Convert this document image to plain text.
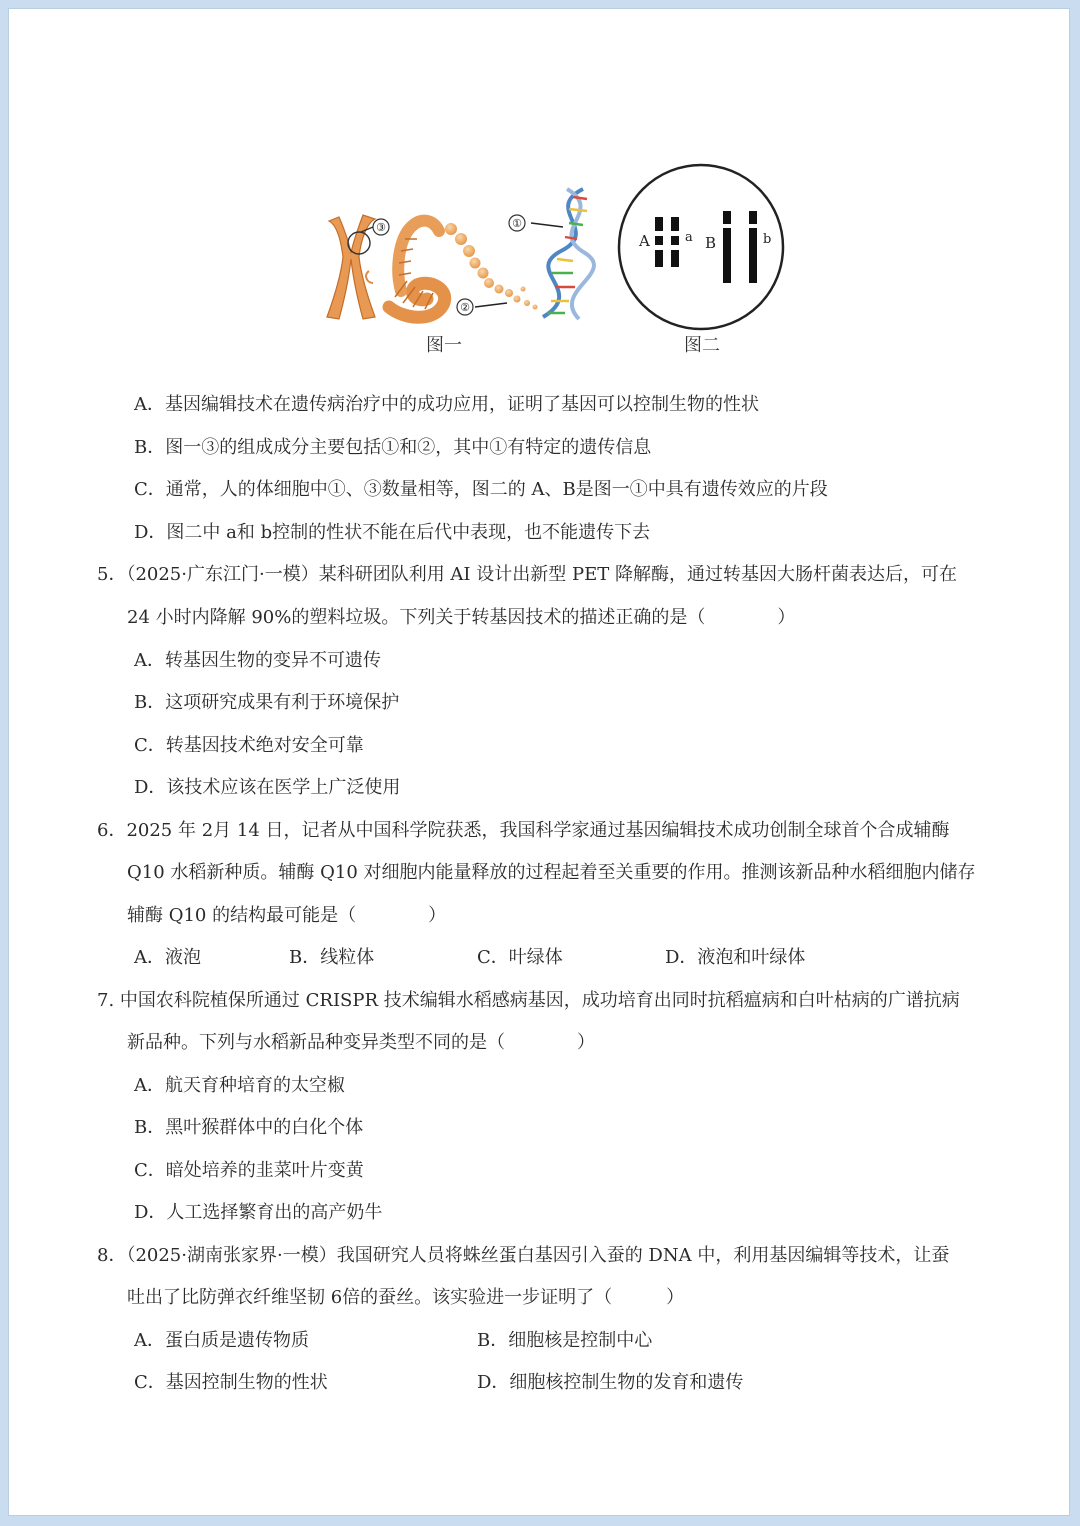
③	①
②
A	a B	b
图一	图二
A．基因编辑技术在遗传病治疗中的成功应用，证明了基因可以控制生物的性状
B．图一③的组成成分主要包括①和②，其中①有特定的遗传信息
C．通常，人的体细胞中①、③数量相等，图二的 A、B是图一①中具有遗传效应的片段
D．图二中 a和 b控制的性状不能在后代中表现，也不能遗传下去
5．（2025·广东江门·一模）某科研团队利用 AI 设计出新型 PET 降解酶，通过转基因大肠杆菌表达后，可在
24 小时内降解 90%的塑料垃圾。下列关于转基因技术的描述正确的是（　　　　）
A．转基因生物的变异不可遗传
B．这项研究成果有利于环境保护
C．转基因技术绝对安全可靠
D．该技术应该在医学上广泛使用
6．2025 年 2月 14 日，记者从中国科学院获悉，我国科学家通过基因编辑技术成功创制全球首个合成辅酶
Q10 水稻新种质。辅酶 Q10 对细胞内能量释放的过程起着至关重要的作用。推测该新品种水稻细胞内储存
辅酶 Q10 的结构最可能是（　　　　）
A．液泡	B．线粒体	C．叶绿体	D．液泡和叶绿体
7. 中国农科院植保所通过 CRISPR 技术编辑水稻感病基因，成功培育出同时抗稻瘟病和白叶枯病的广谱抗病
新品种。下列与水稻新品种变异类型不同的是（　　　　）
A．航天育种培育的太空椒
B．黑叶猴群体中的白化个体
C．暗处培养的韭菜叶片变黄
D．人工选择繁育出的高产奶牛
8．（2025·湖南张家界·一模）我国研究人员将蛛丝蛋白基因引入蚕的 DNA 中，利用基因编辑等技术，让蚕
吐出了比防弹衣纤维坚韧 6倍的蚕丝。该实验进一步证明了（　　　）
A．蛋白质是遗传物质	B．细胞核是控制中心
C．基因控制生物的性状	D．细胞核控制生物的发育和遗传
